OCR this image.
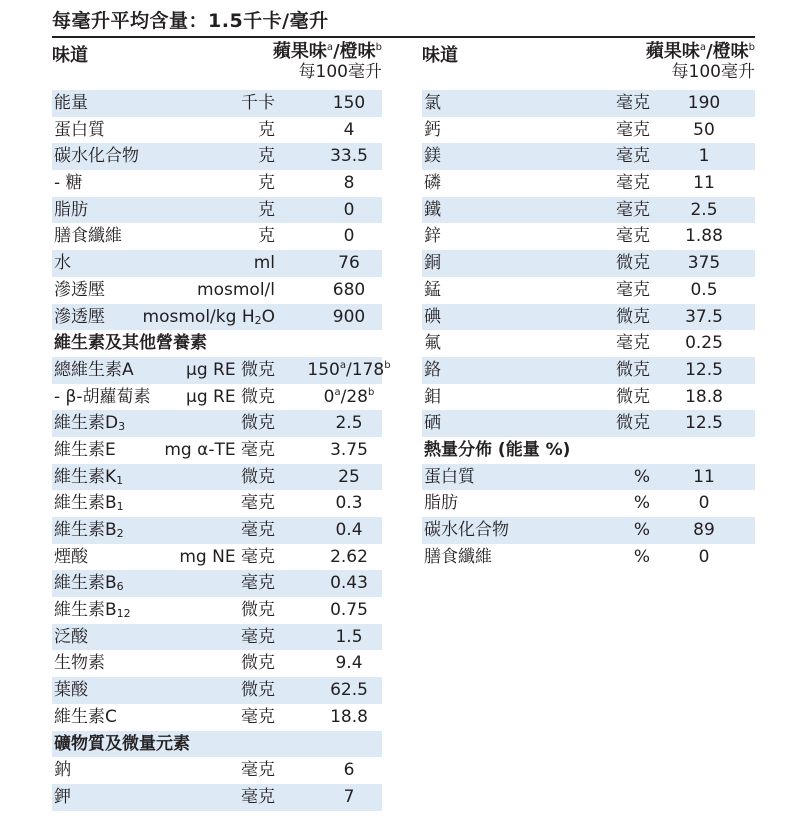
每毫升平均含量：1.5千卡/毫升
味道	蘋果味$^a$/橙味$^b$
每100毫升
能量	千卡	150
蛋白質	克	4
碳水化合物	克	33.5
- 糖	克	8
脂肪	克	0
膳食纖維	克	0
水	ml	76
滲透壓	mosmol/l	680
滲透壓 mosmol/kg $H_2O$	900
維生素及其他營養素
總維生素A	μg RE 微克	150$^a$/178$^b$
- β-胡蘿蔔素 μg RE 微克	0$^a$/28$^b$
維生素$D_3$	微克	2.5
維生素E	mg α-TE 毫克	3.75
維生素$K_1$	微克	25
維生素$B_1$	毫克	0.3
維生素$B_2$	毫克	0.4
煙酸	mg NE 毫克	2.62
維生素$B_6$	毫克	0.43
維生素$B_{12}$	微克	0.75
泛酸	毫克	1.5
生物素	微克	9.4
葉酸	微克	62.5
維生素C	毫克	18.8
礦物質及微量元素
鈉	毫克	6
鉀	毫克	7
味道	蘋果味$^a$/橙味$^b$
每100毫升
氯	毫克	190
鈣	毫克	50
鎂	毫克	1
磷	毫克	11
鐵	毫克	2.5
鋅	毫克	1.88
銅	微克	375
錳	毫克	0.5
碘	微克	37.5
氟	毫克	0.25
鉻	微克	12.5
鉬	微克	18.8
硒	微克	12.5
熱量分佈 (能量 %)
蛋白質	%	11
脂肪	%	0
碳水化合物	%	89
膳食纖維	%	0
